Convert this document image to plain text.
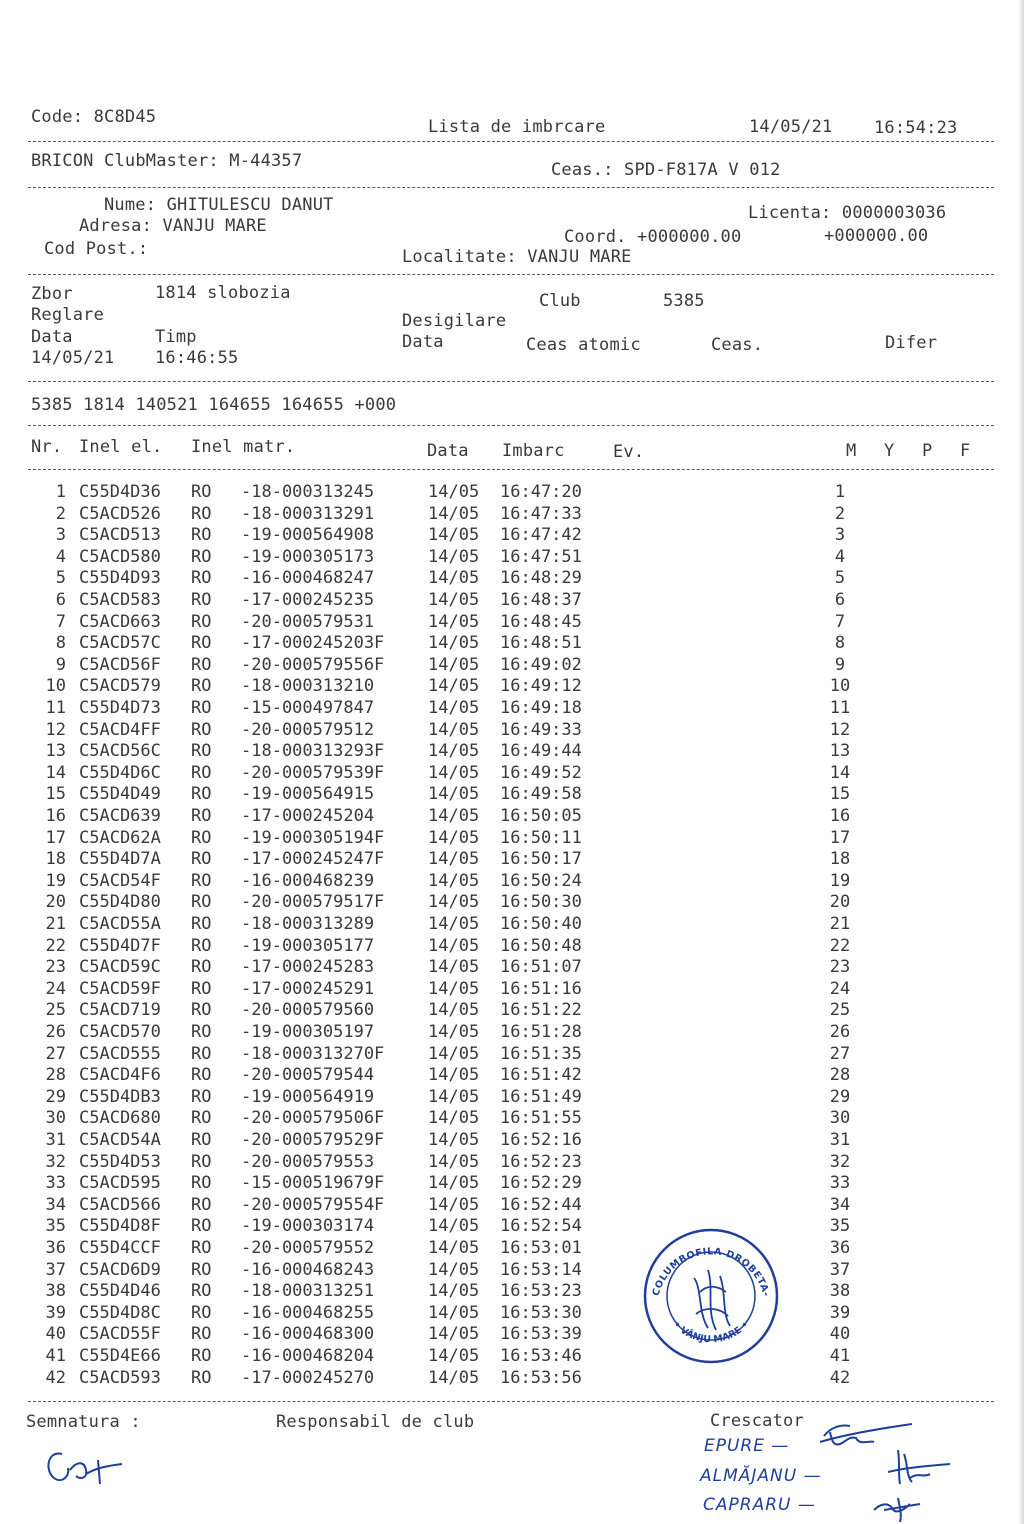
Code: 8C8D45	Lista de imbrcare	14/05/21 16:54:23
BRICON ClubMaster: M-44357	Ceas.: SPD-F817A V 012
Nume: GHITULESCU DANUT
Adresa: VANJU MARE
Cod Post.:
Licenta: 0000003036
Coord. +000000.00	+000000.00
Localitate: VANJU MARE
Zbor	1814 slobozia	Club	5385
Reglare	Desigilare
Data	Timp	Data	Ceas atomic	Ceas.	Difer
14/05/21 16:46:55
5385 1814 140521 164655 164655 +000
Nr. Inel el. Inel matr.	Data Imbarc	Ev.	M Y P F
1 C55D4D36 RO -18-000313245	14/05 16:47:20	1
2 C5ACD526 RO -18-000313291	14/05 16:47:33	2
3 C5ACD513 RO -19-000564908	14/05 16:47:42	3
4 C5ACD580 RO -19-000305173	14/05 16:47:51	4
5 C55D4D93 RO -16-000468247	14/05 16:48:29	5
6 C5ACD583 RO -17-000245235	14/05 16:48:37	6
7 C5ACD663 RO -20-000579531	14/05 16:48:45	7
8 C5ACD57C RO -17-000245203F	14/05 16:48:51	8
9 C5ACD56F RO -20-000579556F	14/05 16:49:02	9
10 C5ACD579 RO -18-000313210	14/05 16:49:12	10
11 C55D4D73 RO -15-000497847	14/05 16:49:18	11
12 C5ACD4FF RO -20-000579512	14/05 16:49:33	12
13 C5ACD56C RO -18-000313293F	14/05 16:49:44	13
14 C55D4D6C RO -20-000579539F	14/05 16:49:52	14
15 C55D4D49 RO -19-000564915	14/05 16:49:58	15
16 C5ACD639 RO -17-000245204	14/05 16:50:05	16
17 C5ACD62A RO -19-000305194F	14/05 16:50:11	17
18 C55D4D7A RO -17-000245247F	14/05 16:50:17	18
19 C5ACD54F RO -16-000468239	14/05 16:50:24	19
20 C55D4D80 RO -20-000579517F	14/05 16:50:30	20
21 C5ACD55A RO -18-000313289	14/05 16:50:40	21
22 C55D4D7F RO -19-000305177	14/05 16:50:48	22
23 C5ACD59C RO -17-000245283	14/05 16:51:07	23
24 C5ACD59F RO -17-000245291	14/05 16:51:16	24
25 C5ACD719 RO -20-000579560	14/05 16:51:22	25
26 C5ACD570 RO -19-000305197	14/05 16:51:28	26
27 C5ACD555 RO -18-000313270F	14/05 16:51:35	27
28 C5ACD4F6 RO -20-000579544	14/05 16:51:42	28
29 C55D4DB3 RO -19-000564919	14/05 16:51:49	29
30 C5ACD680 RO -20-000579506F	14/05 16:51:55	30
31 C5ACD54A RO -20-000579529F	14/05 16:52:16	31
32 C55D4D53 RO -20-000579553	14/05 16:52:23	32
33 C5ACD595 RO -15-000519679F	14/05 16:52:29	33
34 C5ACD566 RO -20-000579554F	14/05 16:52:44	34
35 C55D4D8F RO -19-000303174	14/05 16:52:54	35
36 C55D4CCF RO -20-000579552	14/05 16:53:01	36
37 C5ACD6D9 RO -16-000468243	14/05 16:53:14	37
38 C55D4D46 RO -18-000313251	14/05 16:53:23	38
39 C55D4D8C RO -16-000468255	14/05 16:53:30	39
40 C5ACD55F RO -16-000468300	14/05 16:53:39	40
41 C55D4E66 RO -16-000468204	14/05 16:53:46	41
42 C5ACD593 RO -17-000245270	14/05 16:53:56	42
COLUMBOFILA DROBETA-
• VÂNJU MARE •
Semnatura :	Responsabil de club	Crescator
EPURE —
ALMĂJANU —
CAPRARU —
